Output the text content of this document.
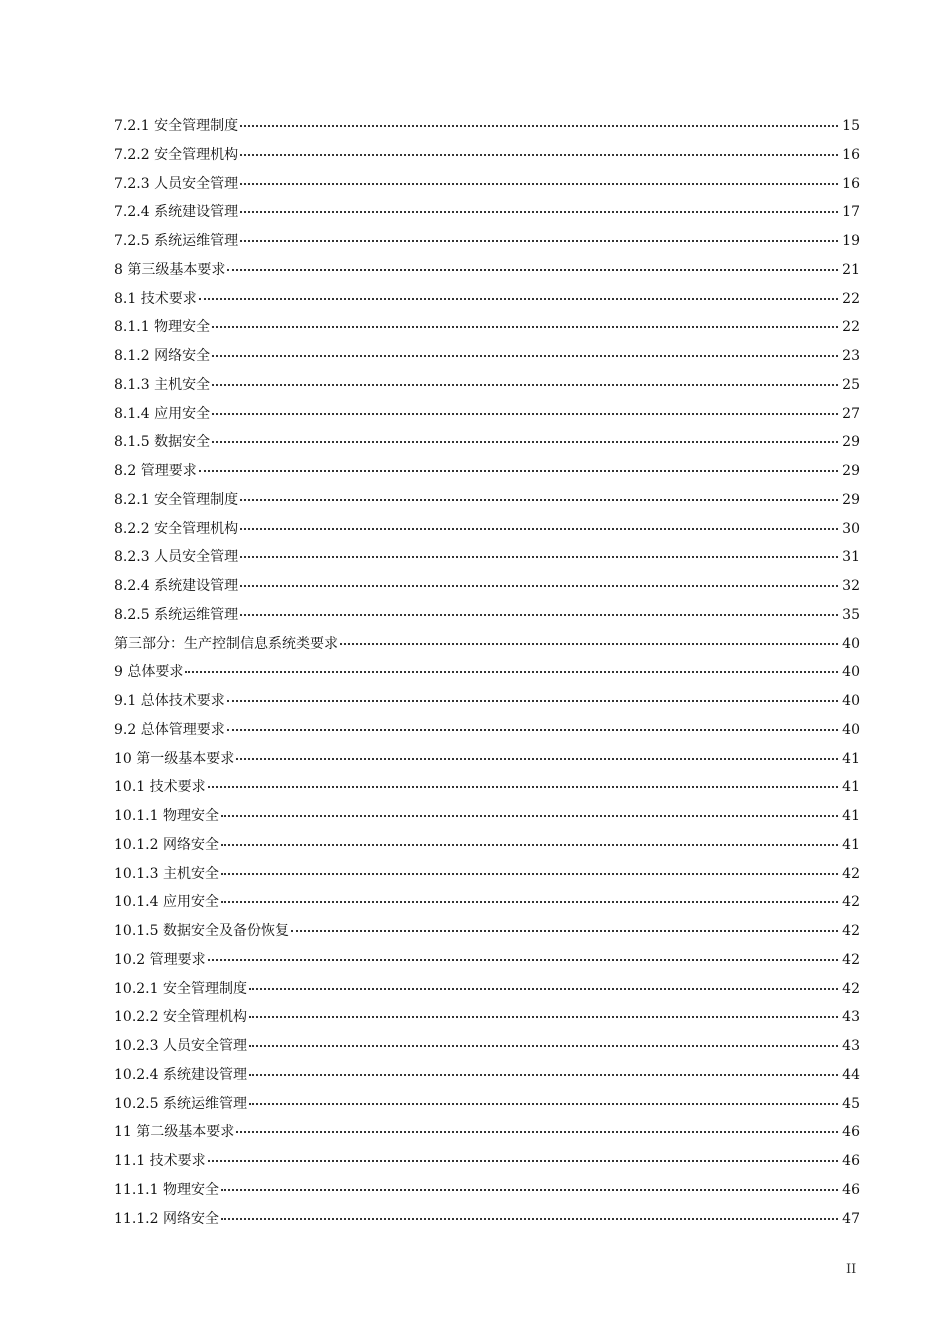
7.2.1 安全管理制度	15
7.2.2 安全管理机构	16
7.2.3 人员安全管理	16
7.2.4 系统建设管理	17
7.2.5 系统运维管理	19
8 第三级基本要求	21
8.1 技术要求	22
8.1.1 物理安全	22
8.1.2 网络安全	23
8.1.3 主机安全	25
8.1.4 应用安全	27
8.1.5 数据安全	29
8.2 管理要求	29
8.2.1 安全管理制度	29
8.2.2 安全管理机构	30
8.2.3 人员安全管理	31
8.2.4 系统建设管理	32
8.2.5 系统运维管理	35
第三部分：生产控制信息系统类要求	40
9 总体要求	40
9.1 总体技术要求	40
9.2 总体管理要求	40
10 第一级基本要求	41
10.1 技术要求	41
10.1.1 物理安全	41
10.1.2 网络安全	41
10.1.3 主机安全	42
10.1.4 应用安全	42
10.1.5 数据安全及备份恢复	42
10.2 管理要求	42
10.2.1 安全管理制度	42
10.2.2 安全管理机构	43
10.2.3 人员安全管理	43
10.2.4 系统建设管理	44
10.2.5 系统运维管理	45
11 第二级基本要求	46
11.1 技术要求	46
11.1.1 物理安全	46
11.1.2 网络安全	47
II
